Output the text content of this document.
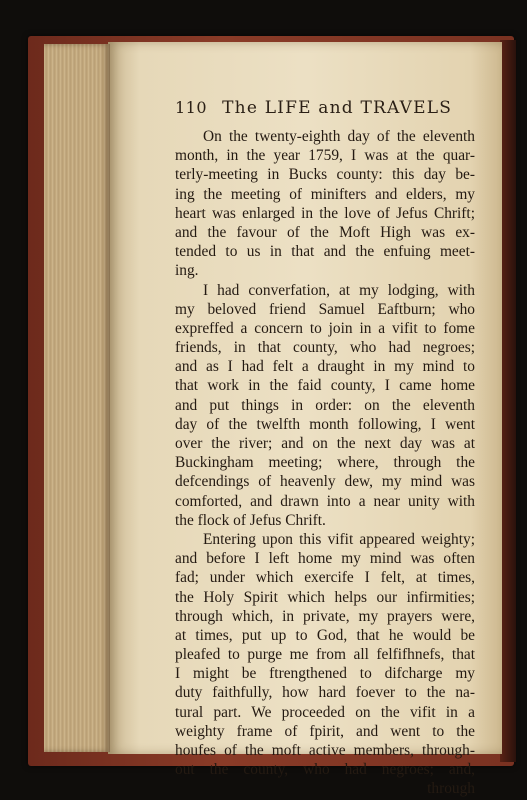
110 The LIFE and TRAVELS
On the twenty-eighth day of the eleventh
month, in the year 1759, I was at the quar-
terly-meeting in Bucks county: this day be-
ing the meeting of minifters and elders, my
heart was enlarged in the love of Jefus Chrift;
and the favour of the Moft High was ex-
tended to us in that and the enfuing meet-
ing.
I had converfation, at my lodging, with
my beloved friend Samuel Eaftburn; who
expreffed a concern to join in a vifit to fome
friends, in that county, who had negroes;
and as I had felt a draught in my mind to
that work in the faid county, I came home
and put things in order: on the eleventh
day of the twelfth month following, I went
over the river; and on the next day was at
Buckingham meeting; where, through the
defcendings of heavenly dew, my mind was
comforted, and drawn into a near unity with
the flock of Jefus Chrift.
Entering upon this vifit appeared weighty;
and before I left home my mind was often
fad; under which exercife I felt, at times,
the Holy Spirit which helps our infirmities;
through which, in private, my prayers were,
at times, put up to God, that he would be
pleafed to purge me from all felfifhnefs, that
I might be ftrengthened to difcharge my
duty faithfully, how hard foever to the na-
tural part. We proceeded on the vifit in a
weighty frame of fpirit, and went to the
houfes of the moft active members, through-
out the county, who had negroes; and,
through
